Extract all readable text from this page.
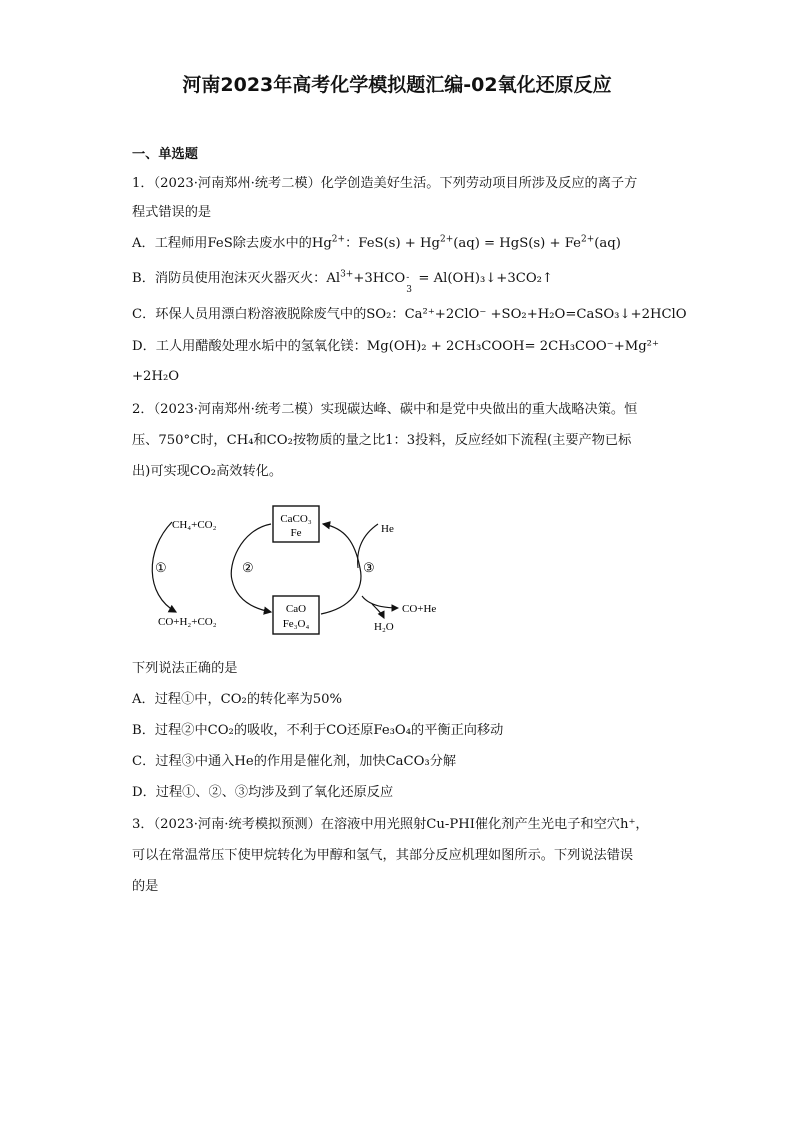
河南2023年高考化学模拟题汇编-02氧化还原反应
一、单选题
1．（2023·河南郑州·统考二模）化学创造美好生活。下列劳动项目所涉及反应的离子方
程式错误的是
A．工程师用FeS除去废水中的$Hg^{2+}$：$FeS(s) + Hg^{2+}(aq) = HgS(s) + Fe^{2+}(aq)$
B．消防员使用泡沫灭火器灭火：$Al^{3+}+3HCO$ -
3
= Al(OH)₃↓+3CO₂↑
C．环保人员用漂白粉溶液脱除废气中的SO₂：Ca²⁺+2ClO⁻ +SO₂+H₂O=CaSO₃↓+2HClO
D．工人用醋酸处理水垢中的氢氧化镁：Mg(OH)₂ + 2CH₃COOH= 2CH₃COO⁻+Mg²⁺
+2H₂O
2．（2023·河南郑州·统考二模）实现碳达峰、碳中和是党中央做出的重大战略决策。恒
压、750°C时，CH₄和CO₂按物质的量之比1：3投料，反应经如下流程(主要产物已标
出)可实现CO₂高效转化。
CH₄+CO₂
①
CO+H₂+CO₂
CaCO₃
Fe
CaO
Fe₃O₄
②	③
He
CO+He
H₂O
下列说法正确的是
A．过程①中，CO₂的转化率为50%
B．过程②中CO₂的吸收，不利于CO还原Fe₃O₄的平衡正向移动
C．过程③中通入He的作用是催化剂，加快CaCO₃分解
D．过程①、②、③均涉及到了氧化还原反应
3．（2023·河南·统考模拟预测）在溶液中用光照射Cu-PHI催化剂产生光电子和空穴h⁺，
可以在常温常压下使甲烷转化为甲醇和氢气，其部分反应机理如图所示。下列说法错误
的是
